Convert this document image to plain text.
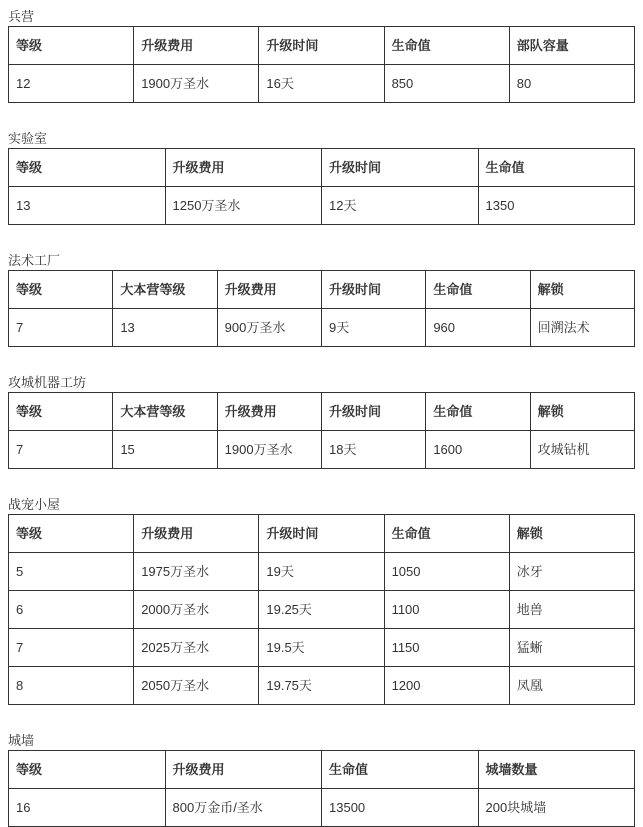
兵营
等级	升级费用	升级时间	生命值	部队容量
12	1900万圣水	16天	850	80
实验室
等级	升级费用	升级时间	生命值
13	1250万圣水	12天	1350
法术工厂
等级	大本营等级	升级费用	升级时间	生命值	解锁
7	13	900万圣水	9天	960	回溯法术
攻城机器工坊
等级	大本营等级	升级费用	升级时间	生命值	解锁
7	15	1900万圣水	18天	1600	攻城钻机
战宠小屋
等级	升级费用	升级时间	生命值	解锁
5	1975万圣水	19天	1050	冰牙
6	2000万圣水	19.25天	1100	地兽
7	2025万圣水	19.5天	1150	猛蜥
8	2050万圣水	19.75天	1200	凤凰
城墙
等级	升级费用	生命值	城墙数量
16	800万金币/圣水	13500	200块城墙
